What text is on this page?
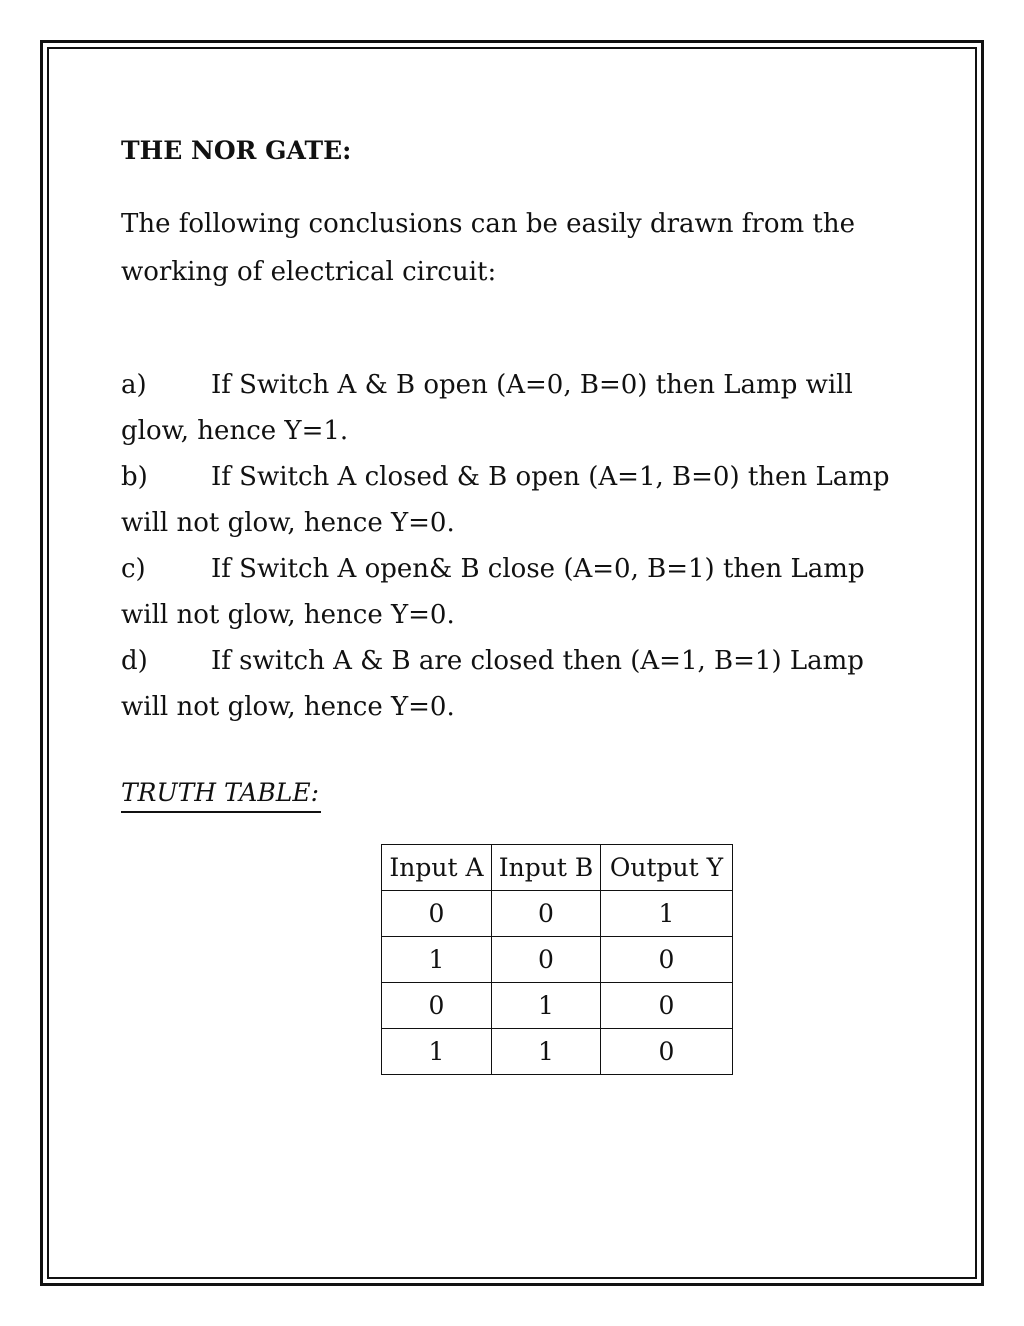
THE NOR GATE:
The following conclusions can be easily drawn from the working of electrical circuit:
a) If Switch A & B open (A=0, B=0) then Lamp will glow, hence Y=1.
b) If Switch A closed & B open (A=1, B=0) then Lamp will not glow, hence Y=0.
c)	If Switch A open& B close (A=0, B=1) then Lamp will not glow, hence Y=0.
d) If switch A & B are closed then (A=1, B=1) Lamp will not glow, hence Y=0.
TRUTH TABLE:
Input A	Input B	Output Y
0	0	1
1	0	0
0	1	0
1	1	0
